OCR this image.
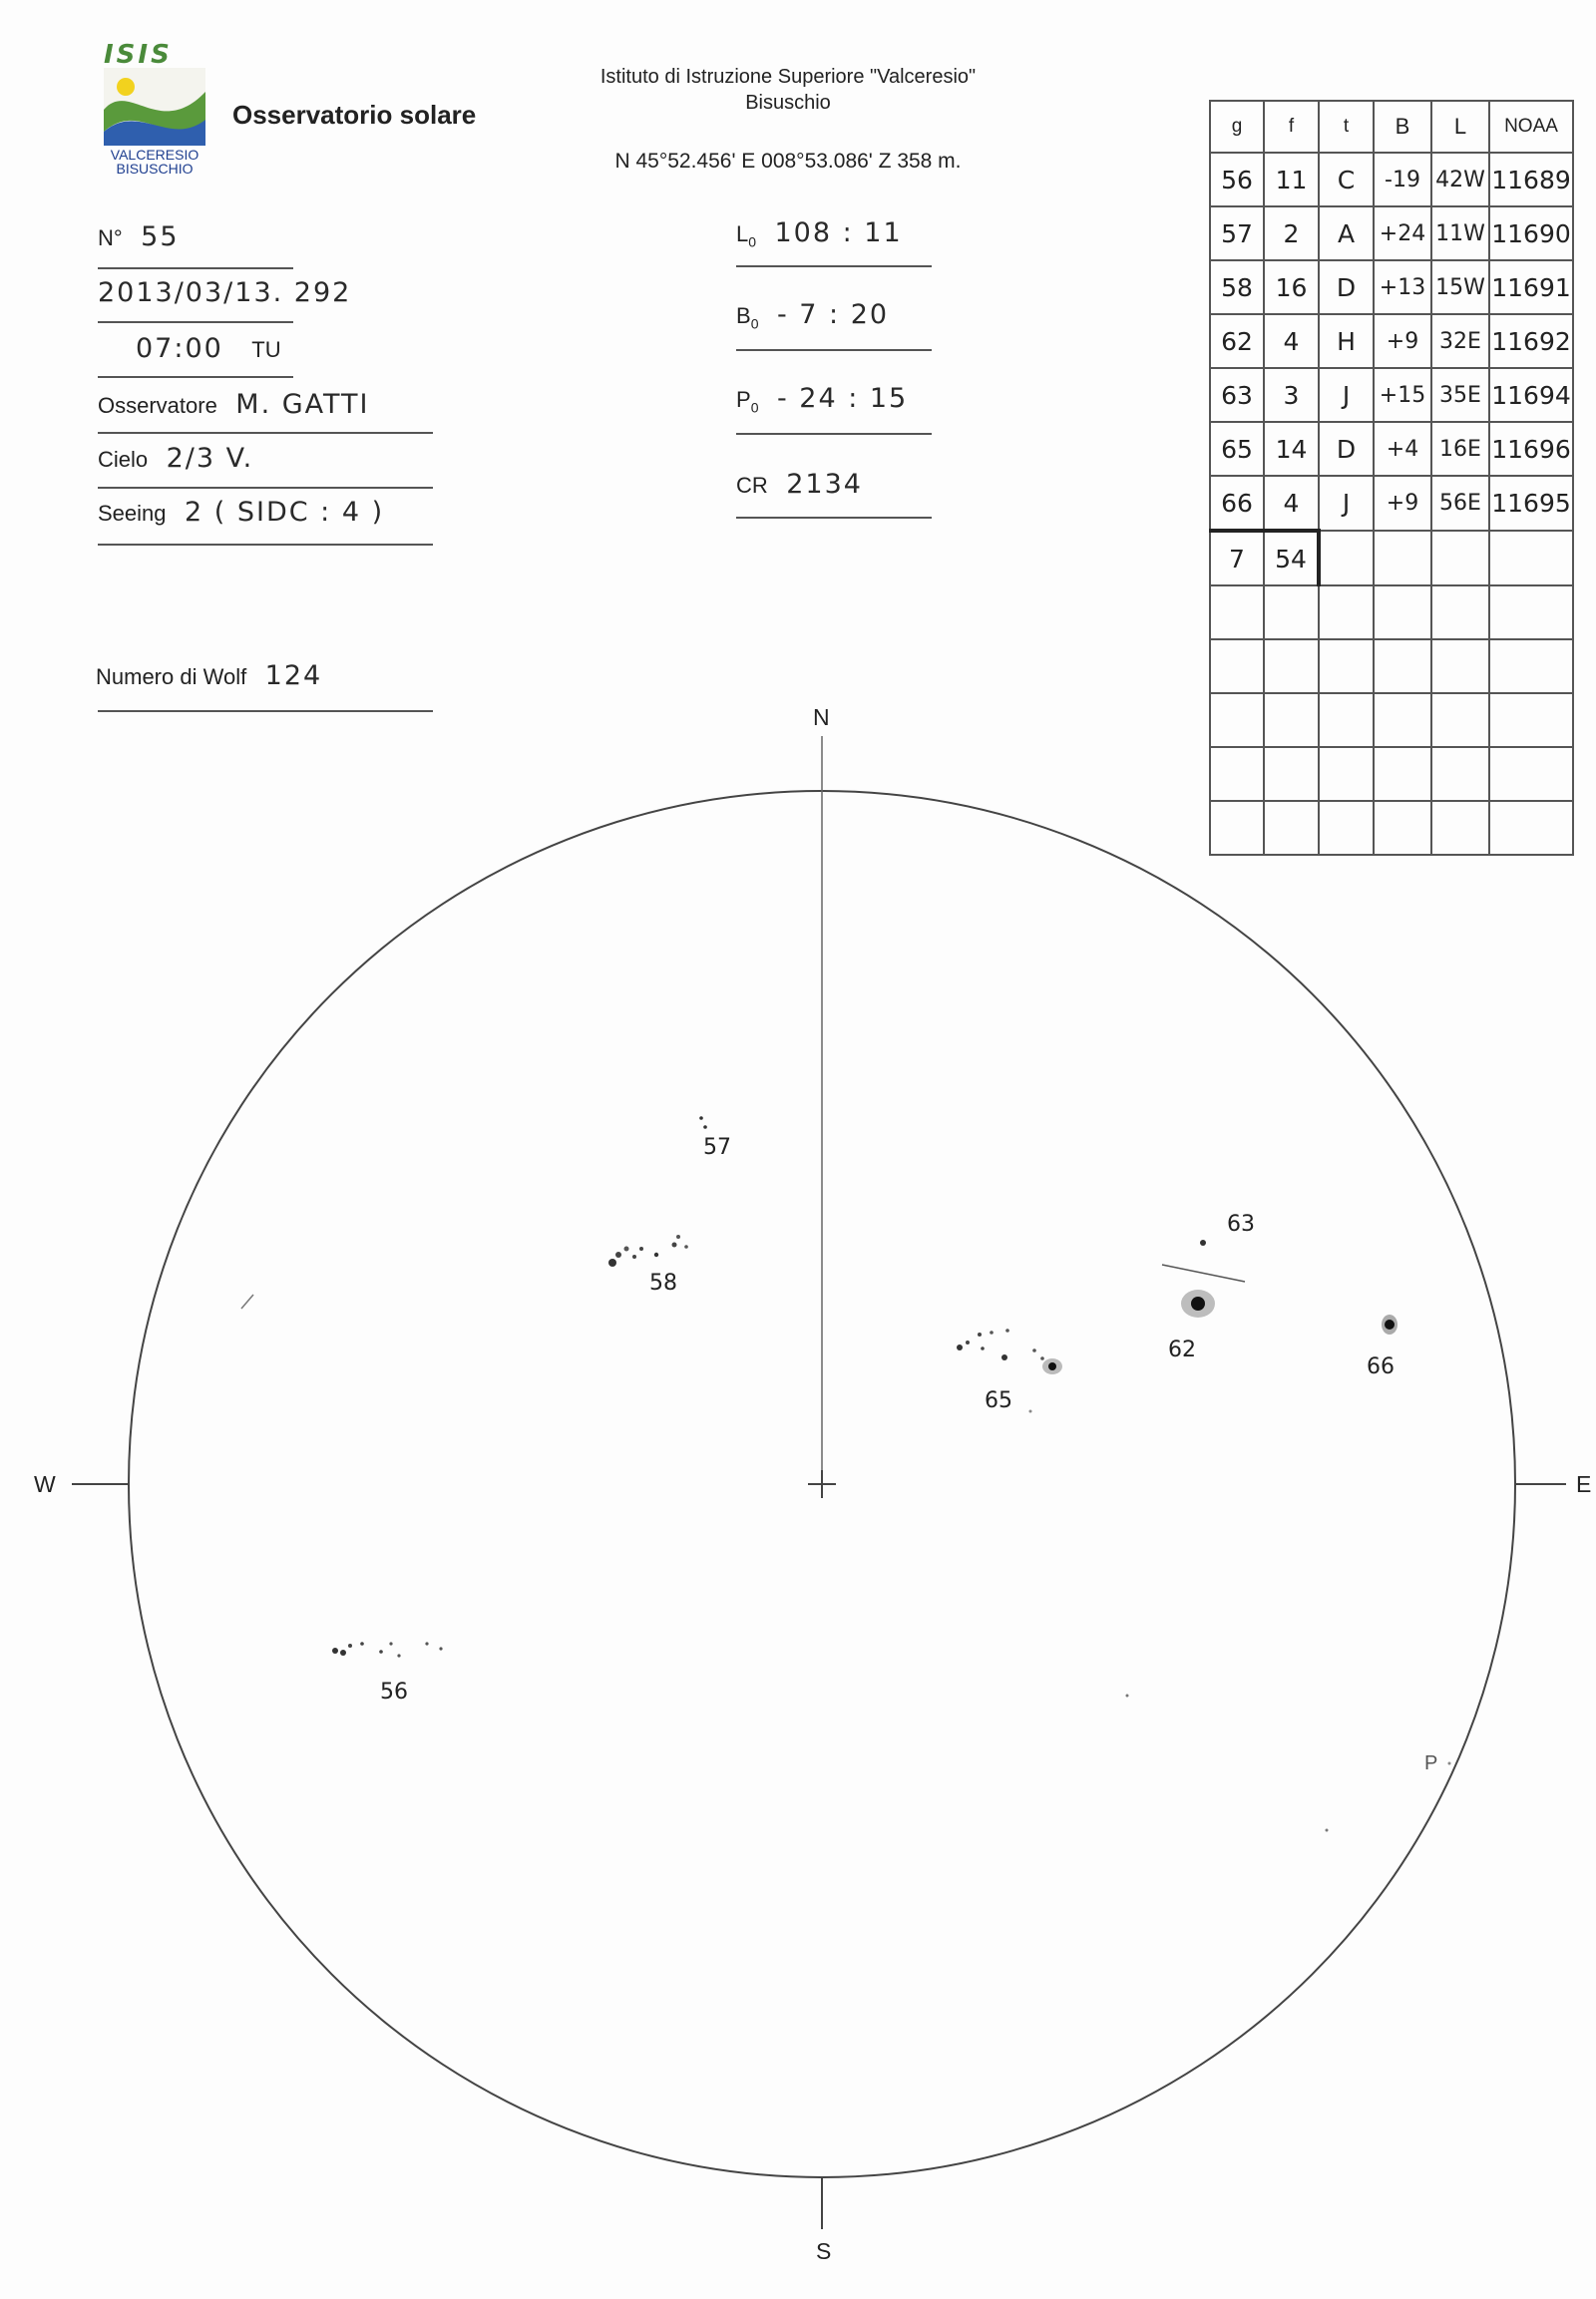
ISIS
VALCERESIO
BISUSCHIO
Osservatorio solare
Istituto di Istruzione Superiore "Valceresio"
Bisuschio
N 45°52.456' E 008°53.086' Z 358 m.
N° 55
2013/03/13. 292
07:00 TU
Osservatore M. GATTI
Cielo 2/3 V.
Seeing 2 ( SIDC : 4 )
Numero di Wolf 124
$L_0$ 108 : 11
$B_0 - 7$ : 20
$P_0 - 24$ : 15
CR 2134
g	f	t	B	L	NOAA
56	11	C	-19	42W	11689
57	2	A	+24	11W	11690
58	16	D	+13	15W	11691
62	4	H	+9	32E	11692
63	3	J	+15	35E	11694
65	14	D	+4	16E	11696
66	4	J	+9	56E	11695
7	54				

N
S
W	E
P
57
58
56
63
62
66
65
